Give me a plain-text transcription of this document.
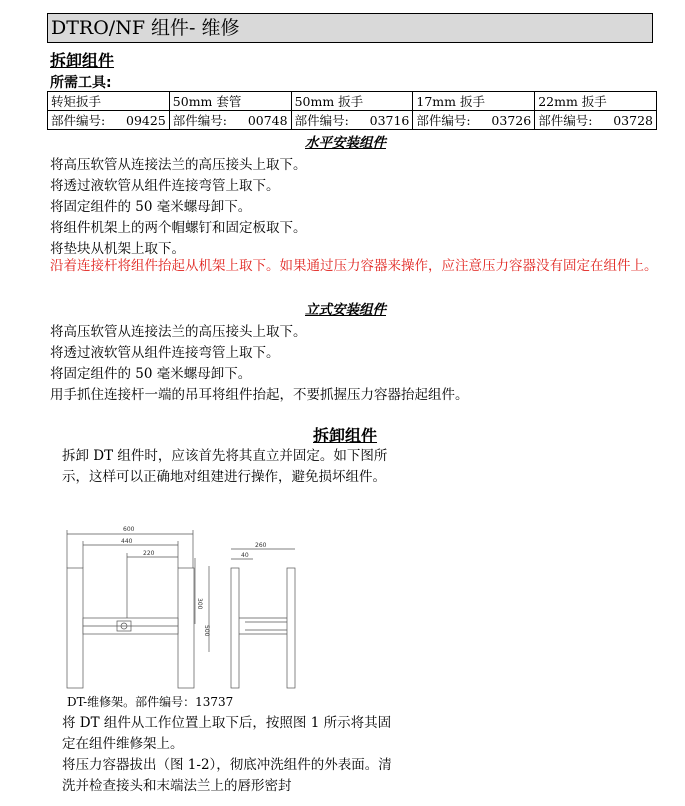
DTRO/NF 组件- 维修
拆卸组件
所需工具:
转矩扳手	50mm 套管	50mm 扳手	17mm 扳手	22mm 扳手

部件编号: 09425	部件编号: 00748	部件编号: 03716	部件编号: 03726	部件编号: 03728
水平安装组件
将高压软管从连接法兰的高压接头上取下。
将透过液软管从组件连接弯管上取下。
将固定组件的 50 毫米螺母卸下。
将组件机架上的两个帽螺钉和固定板取下。
将垫块从机架上取下。
沿着连接杆将组件抬起从机架上取下。如果通过压力容器来操作，应注意压力容器没有固定在组件上。
立式安装组件
将高压软管从连接法兰的高压接头上取下。
将透过液软管从组件连接弯管上取下。
将固定组件的 50 毫米螺母卸下。
用手抓住连接杆一端的吊耳将组件抬起，不要抓握压力容器抬起组件。
拆卸组件
拆卸 DT 组件时，应该首先将其直立并固定。如下图所示，这样可以正确地对组建进行操作，避免损坏组件。
600
440
220
300
500
260
40
DT-维修架。部件编号：13737
将 DT 组件从工作位置上取下后，按照图 1 所示将其固定在组件维修架上。
将压力容器拔出（图 1-2），彻底冲洗组件的外表面。清洗并检查接头和末端法兰上的唇形密封
